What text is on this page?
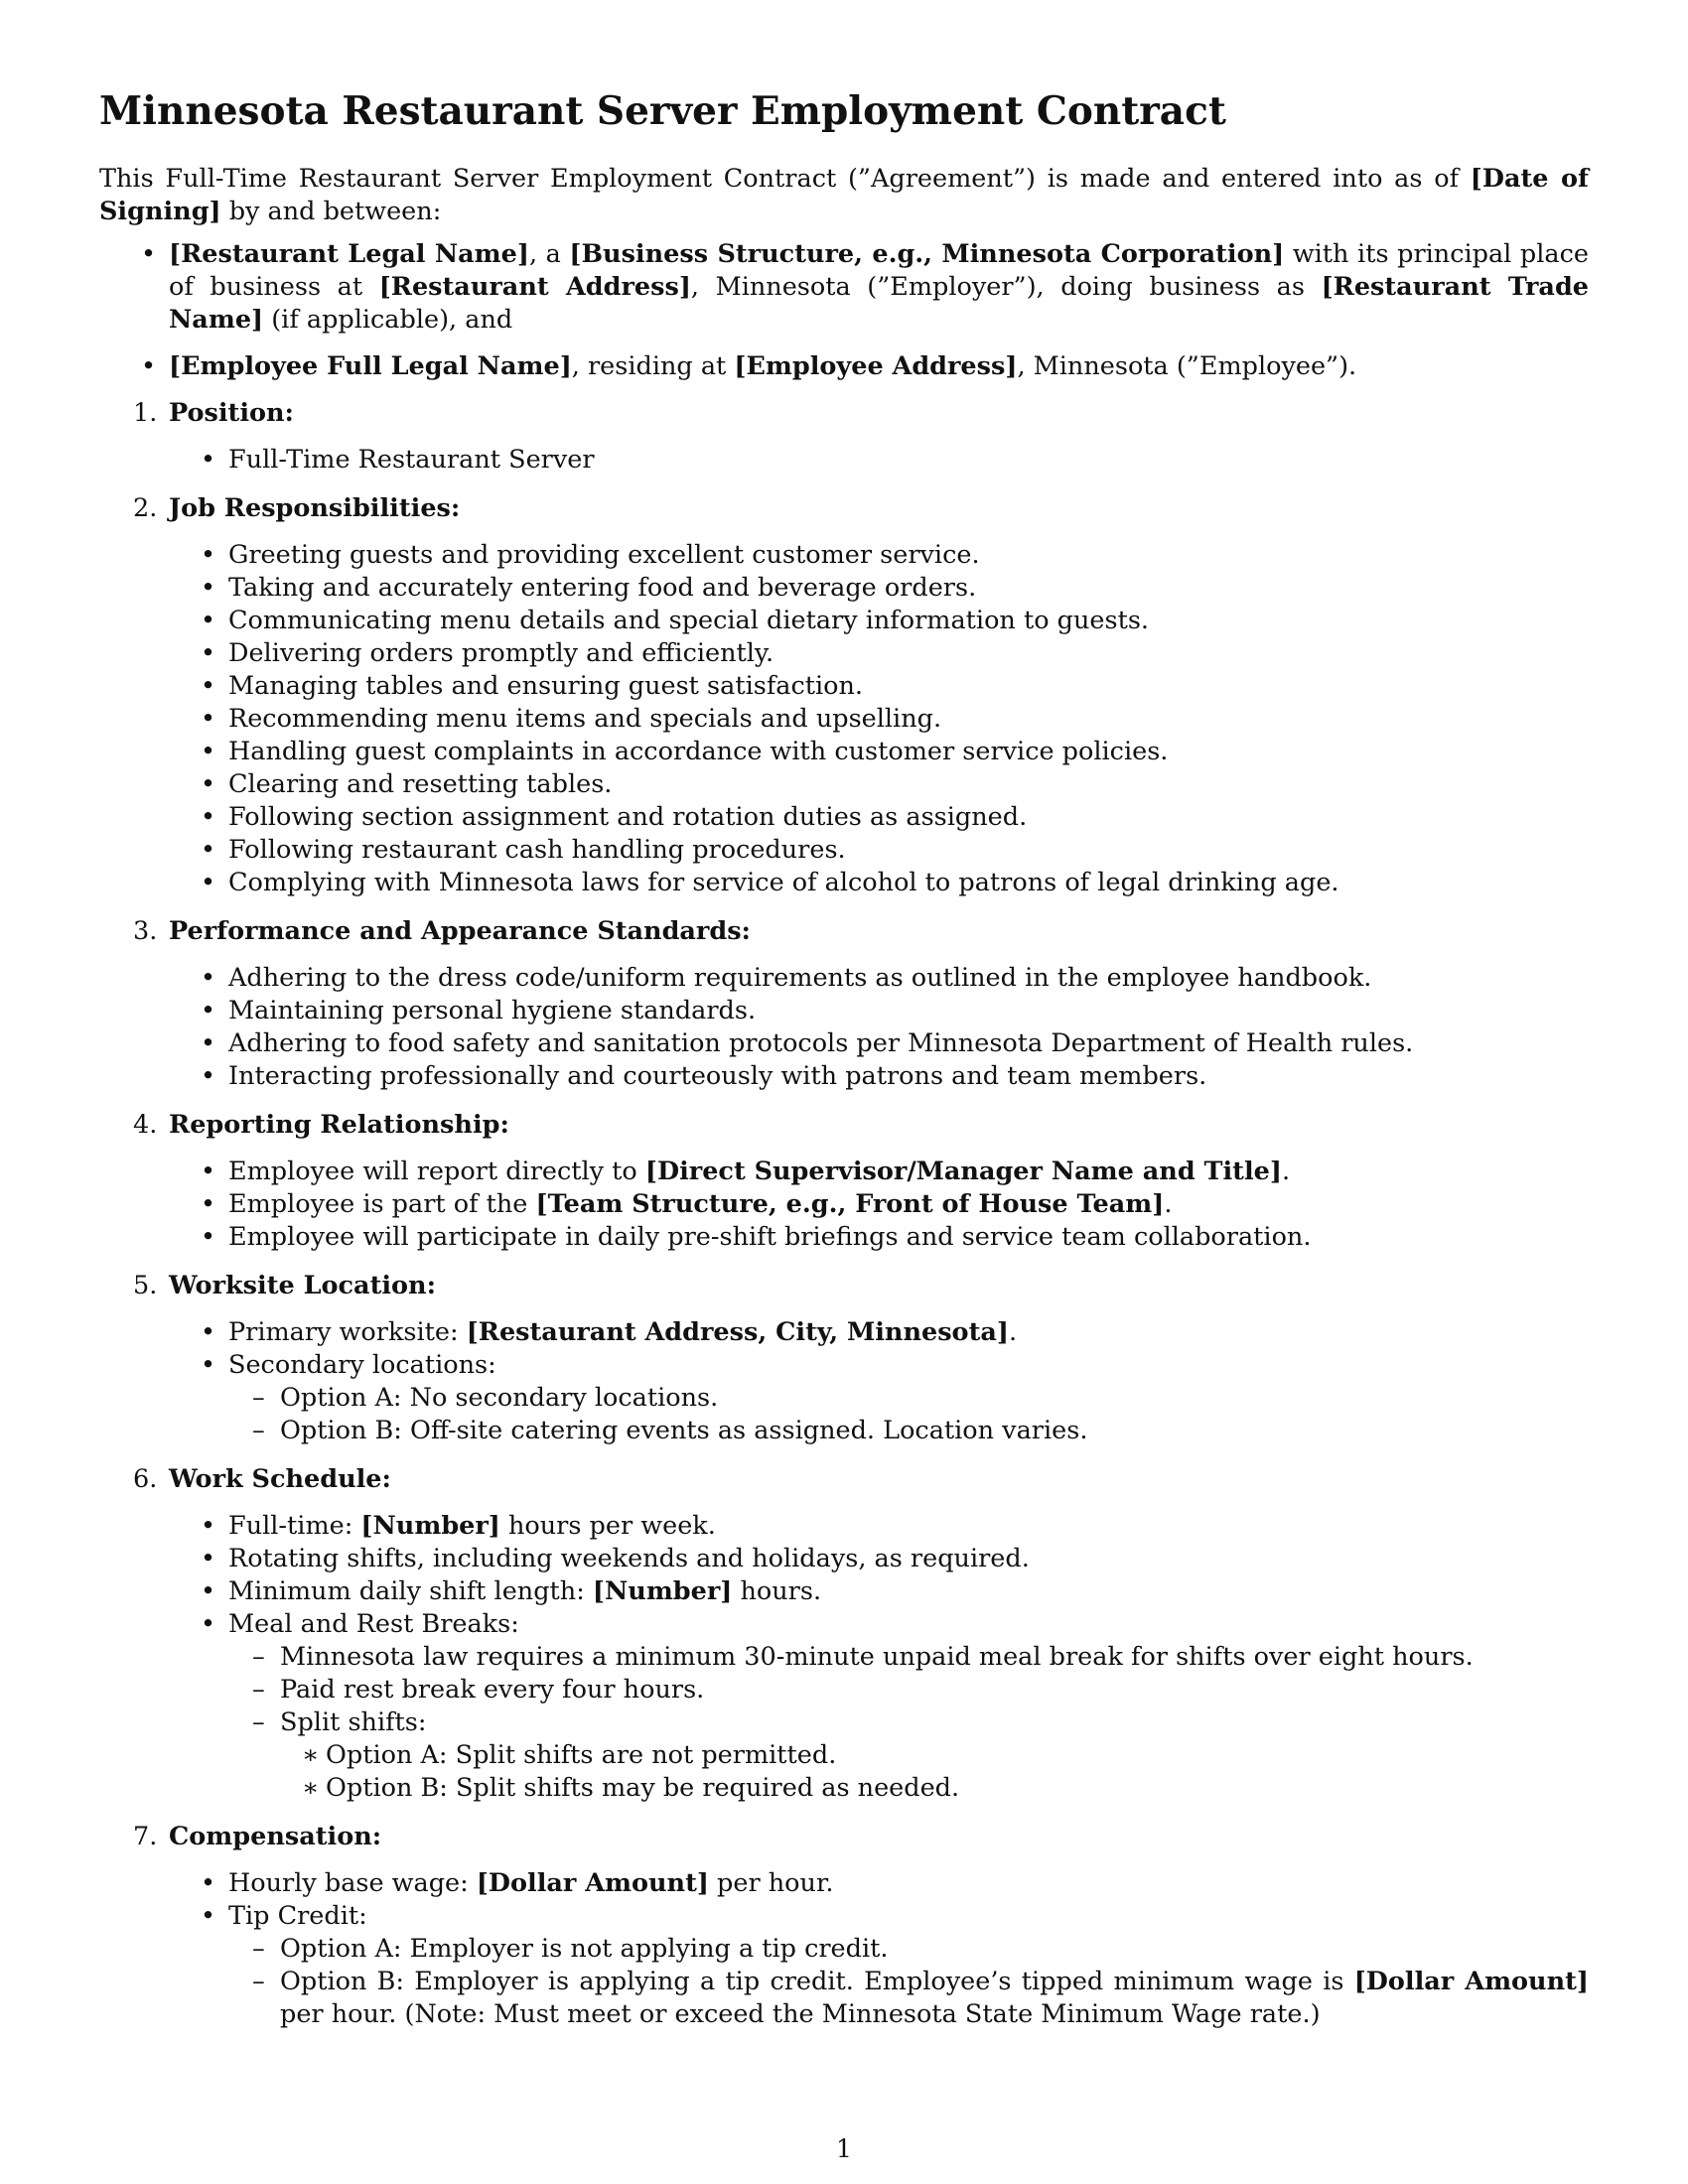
Minnesota Restaurant Server Employment Contract

This Full-Time Restaurant Server Employment Contract (”Agreement”) is made and entered into as of [Date of Signing] by and between:

• [Restaurant Legal Name], a [Business Structure, e.g., Minnesota Corporation] with its principal place of business at [Restaurant Address], Minnesota (”Employer”), doing business as [Restaurant Trade Name] (if applicable), and
• [Employee Full Legal Name], residing at [Employee Address], Minnesota (”Employee”).
1. Position:
• Full-Time Restaurant Server
2. Job Responsibilities:
• Greeting guests and providing excellent customer service.
• Taking and accurately entering food and beverage orders.
• Communicating menu details and special dietary information to guests.
• Delivering orders promptly and efficiently.
• Managing tables and ensuring guest satisfaction.
• Recommending menu items and specials and upselling.
• Handling guest complaints in accordance with customer service policies.
• Clearing and resetting tables.
• Following section assignment and rotation duties as assigned.
• Following restaurant cash handling procedures.
• Complying with Minnesota laws for service of alcohol to patrons of legal drinking age.
3. Performance and Appearance Standards:
• Adhering to the dress code/uniform requirements as outlined in the employee handbook.
• Maintaining personal hygiene standards.
• Adhering to food safety and sanitation protocols per Minnesota Department of Health rules.
• Interacting professionally and courteously with patrons and team members.
4. Reporting Relationship:
• Employee will report directly to [Direct Supervisor/Manager Name and Title].
• Employee is part of the [Team Structure, e.g., Front of House Team].
• Employee will participate in daily pre-shift briefings and service team collaboration.
5. Worksite Location:
• Primary worksite: [Restaurant Address, City, Minnesota].
• Secondary locations:
– Option A: No secondary locations.
– Option B: Off-site catering events as assigned. Location varies.
6. Work Schedule:
• Full-time: [Number] hours per week.
• Rotating shifts, including weekends and holidays, as required.
• Minimum daily shift length: [Number] hours.
• Meal and Rest Breaks:
– Minnesota law requires a minimum 30-minute unpaid meal break for shifts over eight hours.
– Paid rest break every four hours.
– Split shifts:
∗ Option A: Split shifts are not permitted.
∗ Option B: Split shifts may be required as needed.
7. Compensation:
• Hourly base wage: [Dollar Amount] per hour.
• Tip Credit:
– Option A: Employer is not applying a tip credit.
– Option B: Employer is applying a tip credit. Employee’s tipped minimum wage is [Dollar Amount] per hour. (Note: Must meet or exceed the Minnesota State Minimum Wage rate.)
1
